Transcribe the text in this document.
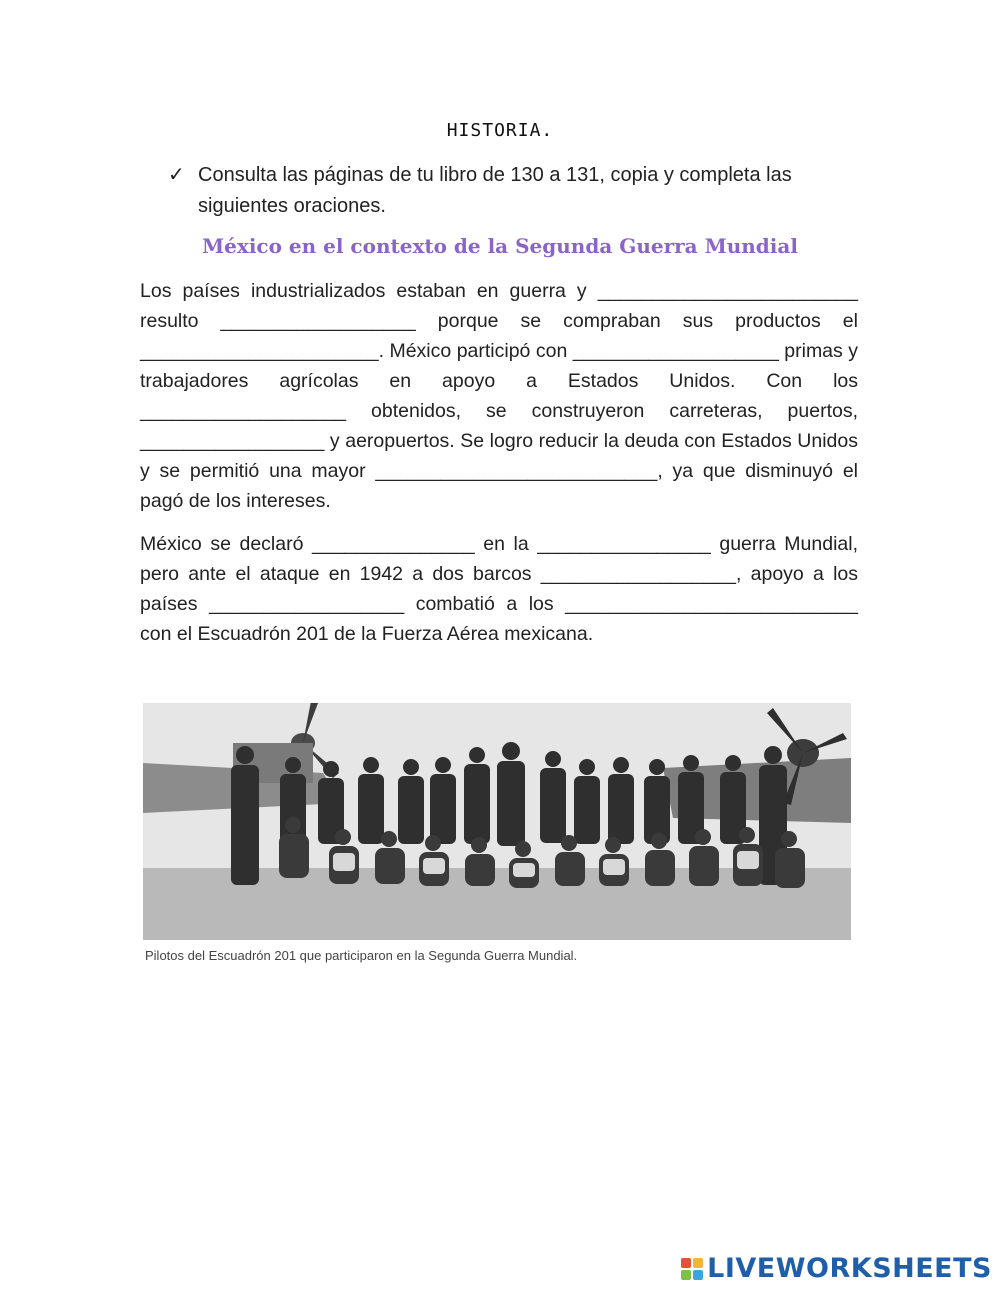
HISTORIA.
✓ Consulta las páginas de tu libro de 130 a 131, copia y completa las siguientes oraciones.
México en el contexto de la Segunda Guerra Mundial

Los países industrializados estaban en guerra y ________________________ resulto __________________ porque se compraban sus productos el ______________________. México participó con ___________________ primas y trabajadores agrícolas en apoyo a Estados Unidos. Con los ___________________ obtenidos, se construyeron carreteras, puertos, _________________ y aeropuertos. Se logro reducir la deuda con Estados Unidos y se permitió una mayor __________________________, ya que disminuyó el pagó de los intereses.

México se declaró _______________ en la ________________ guerra Mundial, pero ante el ataque en 1942 a dos barcos __________________, apoyo a los países __________________ combatió a los ___________________________ con el Escuadrón 201 de la Fuerza Aérea mexicana.

Pilotos del Escuadrón 201 que participaron en la Segunda Guerra Mundial.
LIVEWORKSHEETS
